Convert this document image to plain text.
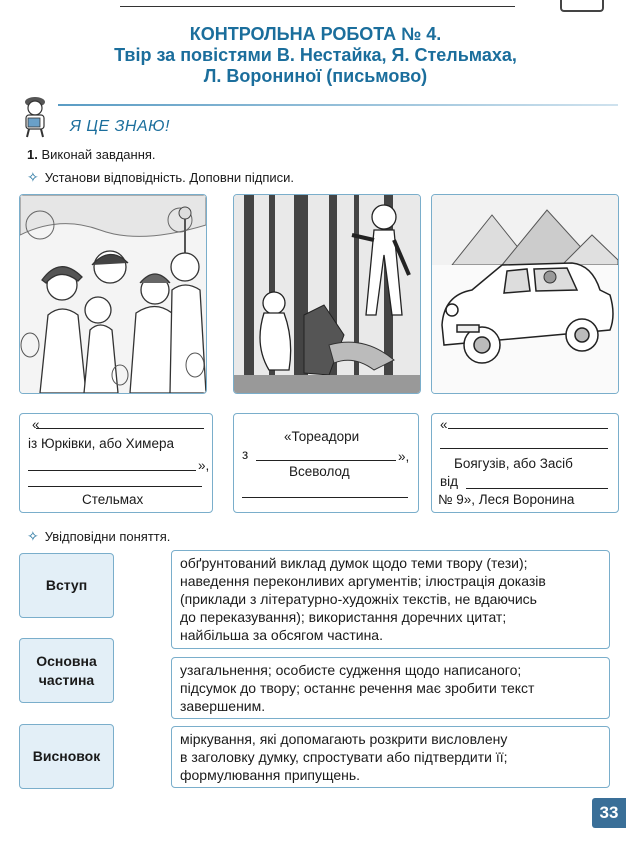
КОНТРОЛЬНА РОБОТА № 4.
Твір за повістями В. Нестайка, Я. Стельмаха,
Л. Ворониної (письмово)
Я ЦЕ ЗНАЮ!
1. Виконай завдання.
✧ Установи відповідність. Доповни підписи.
«
із Юрківки, або Химера
»,
Стельмах
«Тореадори
з	»,
Всеволод
«
Боягузів, або Засіб
від
№ 9», Леся Воронина
✧ Увідповідни поняття.
Вступ
Основна
частина
Висновок
обґрунтований виклад думок щодо теми твору (тези);
наведення переконливих аргументів; ілюстрація доказів
(приклади з літературно-художніх текстів, не вдаючись
до переказування); використання доречних цитат;
найбільша за обсягом частина.
узагальнення; особисте судження щодо написаного;
підсумок до твору; останнє речення має зробити текст
завершеним.
міркування, які допомагають розкрити висловлену
в заголовку думку, спростувати або підтвердити її;
формулювання припущень.
33
